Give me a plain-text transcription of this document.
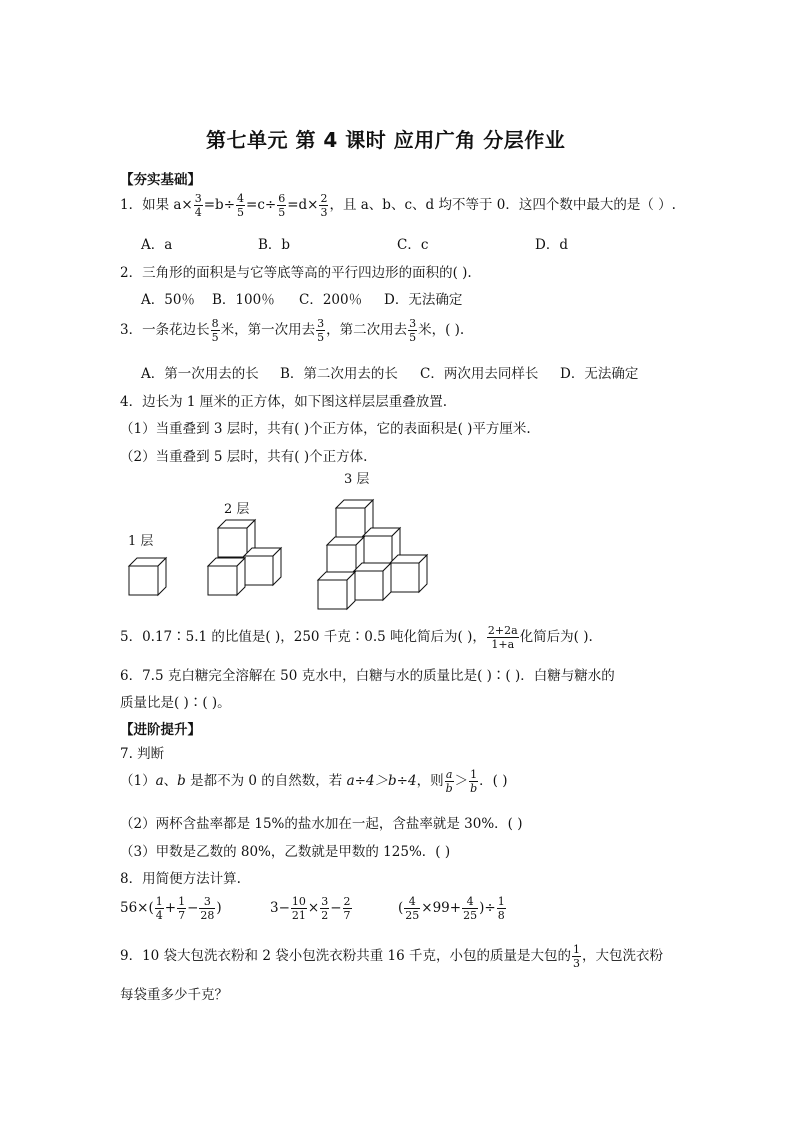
第七单元 第 4 课时 应用广角 分层作业
【夯实基础】
1．如果 $a\times \frac{3}{4} =b\div \frac{4}{5} =c\div \frac{6}{5} =d\times \frac{2}{3}$ ，且 a、b、c、d 均不等于 0．这四个数中最大的是（ ）.
A．a	B．b	C．c	D．d
2．三角形的面积是与它等底等高的平行四边形的面积的( ).
A．50％ B．100％ C．200％ D．无法确定
3．一条花边长 $\frac{8}{5}$ 米，第一次用去 $\frac{3}{5}$ ，第二次用去 $\frac{3}{5}$ 米，( ).
A．第一次用去的长 B．第二次用去的长 C．两次用去同样长 D．无法确定
4．边长为 1 厘米的正方体，如下图这样层层重叠放置.
（1）当重叠到 3 层时，共有( )个正方体，它的表面积是( )平方厘米.
（2）当重叠到 5 层时，共有( )个正方体.
1 层
2 层
3 层
5．0.17∶5.1 的比值是( )，250 千克∶0.5 吨化简后为( )， $\frac{2+2a}{1+a}$ 化简后为( ).
6．7.5 克白糖完全溶解在 50 克水中，白糖与水的质量比是( )∶( )．白糖与糖水的
质量比是( )∶( )。
【进阶提升】
7. 判断
（1）a、b 是都不为 0 的自然数，若 a÷4＞b÷4，则 $\frac{a}{b} > \frac{1}{b}$ ．( )
（2）两杯含盐率都是 15%的盐水加在一起，含盐率就是 30%．( )
（3）甲数是乙数的 80%，乙数就是甲数的 125%．( )
8．用简便方法计算.
$56\times( \frac{1}{4} + \frac{1}{7} - \frac{3}{28}$ )	$3- \frac{10}{21} \times \frac{3}{2} - \frac{2}{7}$	( $\frac{4}{25} \times 99+ \frac{4}{25}$ )÷ $\frac{1}{8}$
9．10 袋大包洗衣粉和 2 袋小包洗衣粉共重 16 千克，小包的质量是大包的 $\frac{1}{3}$ ，大包洗衣粉
每袋重多少千克？
